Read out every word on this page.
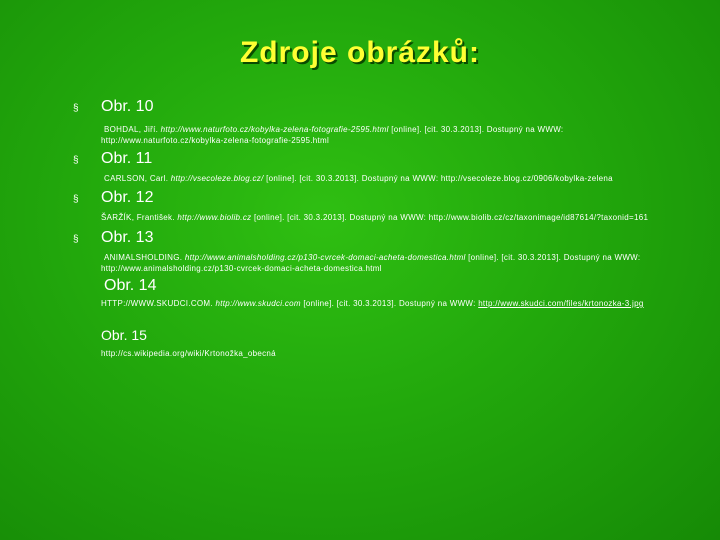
Zdroje obrázků:
§ Obr. 10
BOHDAL, Jiří. http://www.naturfoto.cz/kobylka-zelena-fotografie-2595.html [online]. [cit. 30.3.2013]. Dostupný na WWW:
http://www.naturfoto.cz/kobylka-zelena-fotografie-2595.html
§ Obr. 11
CARLSON, Carl. http://vsecoleze.blog.cz/ [online]. [cit. 30.3.2013]. Dostupný na WWW: http://vsecoleze.blog.cz/0906/kobylka-zelena
§ Obr. 12
ŠARŽÍK, František. http://www.biolib.cz [online]. [cit. 30.3.2013]. Dostupný na WWW: http://www.biolib.cz/cz/taxonimage/id87614/?taxonid=161
§ Obr. 13
ANIMALSHOLDING. http://www.animalsholding.cz/p130-cvrcek-domaci-acheta-domestica.html [online]. [cit. 30.3.2013]. Dostupný na WWW:
http://www.animalsholding.cz/p130-cvrcek-domaci-acheta-domestica.html
Obr. 14
HTTP://WWW.SKUDCI.COM. http://www.skudci.com [online]. [cit. 30.3.2013]. Dostupný na WWW: http://www.skudci.com/files/krtonozka-3.jpg
Obr. 15
http://cs.wikipedia.org/wiki/Krtonožka_obecná
